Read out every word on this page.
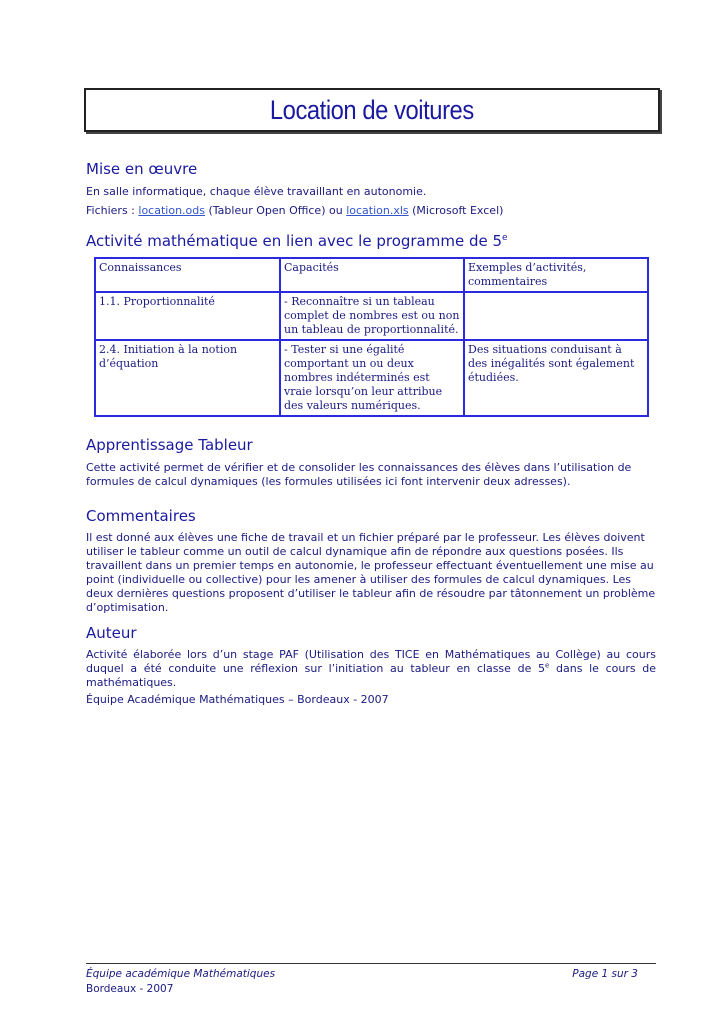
Location de voitures
Mise en œuvre

En salle informatique, chaque élève travaillant en autonomie.

Fichiers : location.ods (Tableur Open Office) ou location.xls (Microsoft Excel)

Activité mathématique en lien avec le programme de 5e
Connaissances	Capacités	Exemples d’activités, commentaires
1.1. Proportionnalité	- Reconnaître si un tableau complet de nombres est ou non un tableau de proportionnalité.	
2.4. Initiation à la notion d’équation	- Tester si une égalité comportant un ou deux nombres indéterminés est vraie lorsqu’on leur attribue des valeurs numériques.	Des situations conduisant à des inégalités sont également étudiées.
Apprentissage Tableur

Cette activité permet de vérifier et de consolider les connaissances des élèves dans l’utilisation de formules de calcul dynamiques (les formules utilisées ici font intervenir deux adresses).

Commentaires

Il est donné aux élèves une fiche de travail et un fichier préparé par le professeur. Les élèves doivent utiliser le tableur comme un outil de calcul dynamique afin de répondre aux questions posées. Ils travaillent dans un premier temps en autonomie, le professeur effectuant éventuellement une mise au point (individuelle ou collective) pour les amener à utiliser des formules de calcul dynamiques. Les deux dernières questions proposent d’utiliser le tableur afin de résoudre par tâtonnement un problème d’optimisation.

Auteur

Activité élaborée lors d’un stage PAF (Utilisation des TICE en Mathématiques au Collège) au cours duquel a été conduite une réflexion sur l’initiation au tableur en classe de 5e dans le cours de mathématiques.

Équipe Académique Mathématiques – Bordeaux - 2007

Équipe académique Mathématiques
Bordeaux - 2007
Page 1 sur 3
